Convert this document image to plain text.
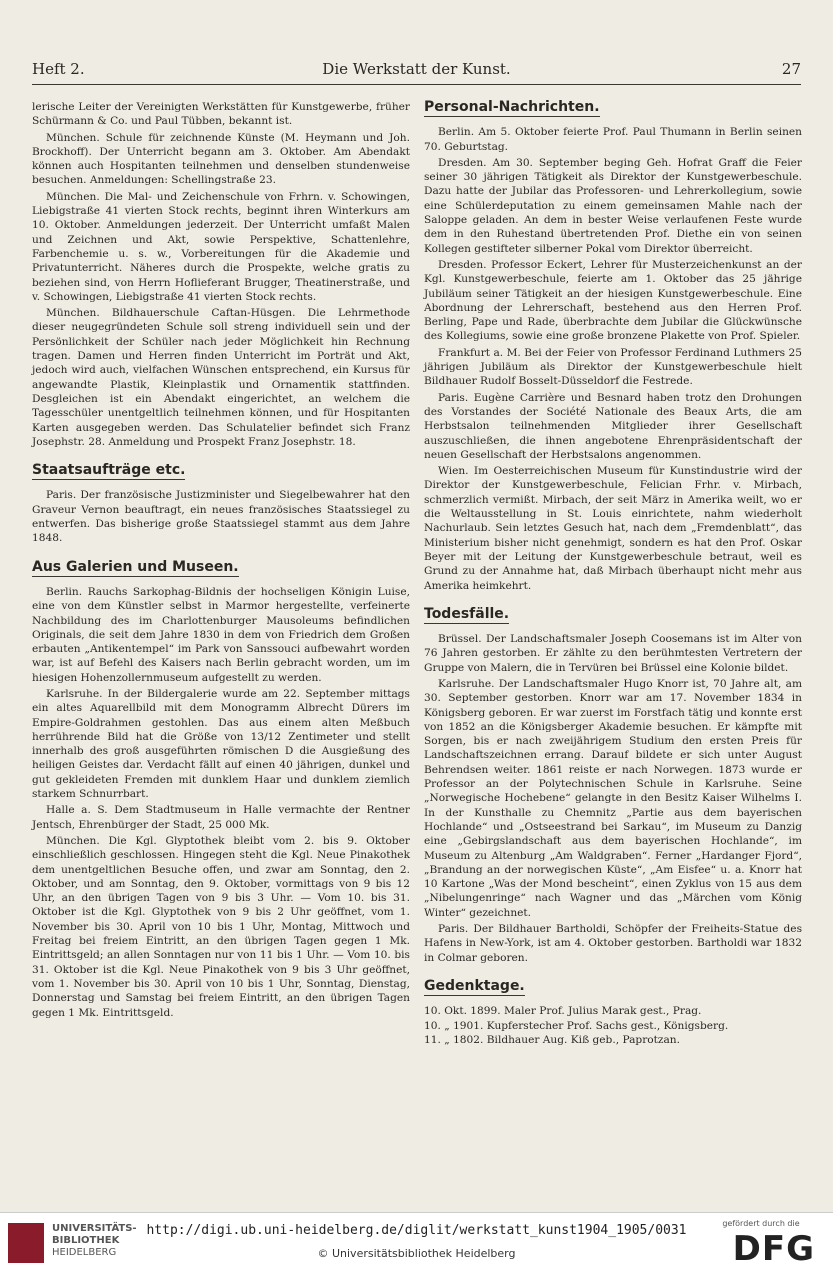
Heft 2.	Die Werkstatt der Kunst.	27

lerische Leiter der Vereinigten Werkstätten für Kunstgewerbe, früher Schürmann & Co. und Paul Tübben, bekannt ist.

München. Schule für zeichnende Künste (M. Heymann und Joh. Brockhoff). Der Unterricht begann am 3. Oktober. Am Abendakt können auch Hospitanten teilnehmen und denselben stundenweise besuchen. Anmeldungen: Schellingstraße 23.

München. Die Mal- und Zeichenschule von Frhrn. v. Schowingen, Liebigstraße 41 vierten Stock rechts, beginnt ihren Winterkurs am 10. Oktober. Anmeldungen jederzeit. Der Unterricht umfaßt Malen und Zeichnen und Akt, sowie Perspektive, Schattenlehre, Farbenchemie u. s. w., Vorbereitungen für die Akademie und Privatunterricht. Näheres durch die Prospekte, welche gratis zu beziehen sind, von Herrn Hoflieferant Brugger, Theatinerstraße, und v. Schowingen, Liebigstraße 41 vierten Stock rechts.

München. Bildhauerschule Caftan-Hüsgen. Die Lehrmethode dieser neugegründeten Schule soll streng individuell sein und der Persönlichkeit der Schüler nach jeder Möglichkeit hin Rechnung tragen. Damen und Herren finden Unterricht im Porträt und Akt, jedoch wird auch, vielfachen Wünschen entsprechend, ein Kursus für angewandte Plastik, Kleinplastik und Ornamentik stattfinden. Desgleichen ist ein Abendakt eingerichtet, an welchem die Tagesschüler unentgeltlich teilnehmen können, und für Hospitanten Karten ausgegeben werden. Das Schulatelier befindet sich Franz Josephstr. 28. Anmeldung und Prospekt Franz Josephstr. 18.

Staatsaufträge etc.

Paris. Der französische Justizminister und Siegelbewahrer hat den Graveur Vernon beauftragt, ein neues französisches Staatssiegel zu entwerfen. Das bisherige große Staatssiegel stammt aus dem Jahre 1848.

Aus Galerien und Museen.

Berlin. Rauchs Sarkophag-Bildnis der hochseligen Königin Luise, eine von dem Künstler selbst in Marmor hergestellte, verfeinerte Nachbildung des im Charlottenburger Mausoleums befindlichen Originals, die seit dem Jahre 1830 in dem von Friedrich dem Großen erbauten „Antikentempel“ im Park von Sanssouci aufbewahrt worden war, ist auf Befehl des Kaisers nach Berlin gebracht worden, um im hiesigen Hohenzollernmuseum aufgestellt zu werden.

Karlsruhe. In der Bildergalerie wurde am 22. September mittags ein altes Aquarellbild mit dem Monogramm Albrecht Dürers im Empire-Goldrahmen gestohlen. Das aus einem alten Meßbuch herrührende Bild hat die Größe von 13/12 Zentimeter und stellt innerhalb des groß ausgeführten römischen D die Ausgießung des heiligen Geistes dar. Verdacht fällt auf einen 40 jährigen, dunkel und gut gekleideten Fremden mit dunklem Haar und dunklem ziemlich starkem Schnurrbart.

Halle a. S. Dem Stadtmuseum in Halle vermachte der Rentner Jentsch, Ehrenbürger der Stadt, 25 000 Mk.

München. Die Kgl. Glyptothek bleibt vom 2. bis 9. Oktober einschließlich geschlossen. Hingegen steht die Kgl. Neue Pinakothek dem unentgeltlichen Besuche offen, und zwar am Sonntag, den 2. Oktober, und am Sonntag, den 9. Oktober, vormittags von 9 bis 12 Uhr, an den übrigen Tagen von 9 bis 3 Uhr. — Vom 10. bis 31. Oktober ist die Kgl. Glyptothek von 9 bis 2 Uhr geöffnet, vom 1. November bis 30. April von 10 bis 1 Uhr, Montag, Mittwoch und Freitag bei freiem Eintritt, an den übrigen Tagen gegen 1 Mk. Eintrittsgeld; an allen Sonntagen nur von 11 bis 1 Uhr. — Vom 10. bis 31. Oktober ist die Kgl. Neue Pinakothek von 9 bis 3 Uhr geöffnet, vom 1. November bis 30. April von 10 bis 1 Uhr, Sonntag, Dienstag, Donnerstag und Samstag bei freiem Eintritt, an den übrigen Tagen gegen 1 Mk. Eintrittsgeld.

Personal-Nachrichten.

Berlin. Am 5. Oktober feierte Prof. Paul Thumann in Berlin seinen 70. Geburtstag.

Dresden. Am 30. September beging Geh. Hofrat Graff die Feier seiner 30 jährigen Tätigkeit als Direktor der Kunstgewerbeschule. Dazu hatte der Jubilar das Professoren- und Lehrerkollegium, sowie eine Schülerdeputation zu einem gemeinsamen Mahle nach der Saloppe geladen. An dem in bester Weise verlaufenen Feste wurde dem in den Ruhestand übertretenden Prof. Diethe ein von seinen Kollegen gestifteter silberner Pokal vom Direktor überreicht.

Dresden. Professor Eckert, Lehrer für Musterzeichenkunst an der Kgl. Kunstgewerbeschule, feierte am 1. Oktober das 25 jährige Jubiläum seiner Tätigkeit an der hiesigen Kunstgewerbeschule. Eine Abordnung der Lehrerschaft, bestehend aus den Herren Prof. Berling, Pape und Rade, überbrachte dem Jubilar die Glückwünsche des Kollegiums, sowie eine große bronzene Plakette von Prof. Spieler.

Frankfurt a. M. Bei der Feier von Professor Ferdinand Luthmers 25 jährigen Jubiläum als Direktor der Kunstgewerbeschule hielt Bildhauer Rudolf Bosselt-Düsseldorf die Festrede.

Paris. Eugène Carrière und Besnard haben trotz den Drohungen des Vorstandes der Société Nationale des Beaux Arts, die am Herbstsalon teilnehmenden Mitglieder ihrer Gesellschaft auszuschließen, die ihnen angebotene Ehrenpräsidentschaft der neuen Gesellschaft der Herbstsalons angenommen.

Wien. Im Oesterreichischen Museum für Kunstindustrie wird der Direktor der Kunstgewerbeschule, Felician Frhr. v. Mirbach, schmerzlich vermißt. Mirbach, der seit März in Amerika weilt, wo er die Weltausstellung in St. Louis einrichtete, nahm wiederholt Nachurlaub. Sein letztes Gesuch hat, nach dem „Fremdenblatt“, das Ministerium bisher nicht genehmigt, sondern es hat den Prof. Oskar Beyer mit der Leitung der Kunstgewerbeschule betraut, weil es Grund zu der Annahme hat, daß Mirbach überhaupt nicht mehr aus Amerika heimkehrt.

Todesfälle.

Brüssel. Der Landschaftsmaler Joseph Coosemans ist im Alter von 76 Jahren gestorben. Er zählte zu den berühmtesten Vertretern der Gruppe von Malern, die in Tervüren bei Brüssel eine Kolonie bildet.

Karlsruhe. Der Landschaftsmaler Hugo Knorr ist, 70 Jahre alt, am 30. September gestorben. Knorr war am 17. November 1834 in Königsberg geboren. Er war zuerst im Forstfach tätig und konnte erst von 1852 an die Königsberger Akademie besuchen. Er kämpfte mit Sorgen, bis er nach zweijährigem Studium den ersten Preis für Landschaftszeichnen errang. Darauf bildete er sich unter August Behrendsen weiter. 1861 reiste er nach Norwegen. 1873 wurde er Professor an der Polytechnischen Schule in Karlsruhe. Seine „Norwegische Hochebene“ gelangte in den Besitz Kaiser Wilhelms I. In der Kunsthalle zu Chemnitz „Partie aus dem bayerischen Hochlande“ und „Ostseestrand bei Sarkau“, im Museum zu Danzig eine „Gebirgslandschaft aus dem bayerischen Hochlande“, im Museum zu Altenburg „Am Waldgraben“. Ferner „Hardanger Fjord“, „Brandung an der norwegischen Küste“, „Am Eisfee“ u. a. Knorr hat 10 Kartone „Was der Mond bescheint“, einen Zyklus von 15 aus dem „Nibelungenringe“ nach Wagner und das „Märchen vom König Winter“ gezeichnet.

Paris. Der Bildhauer Bartholdi, Schöpfer der Freiheits-Statue des Hafens in New-York, ist am 4. Oktober gestorben. Bartholdi war 1832 in Colmar geboren.

Gedenktage.
10. Okt. 1899. Maler Prof. Julius Marak gest., Prag.
10. „ 1901. Kupferstecher Prof. Sachs gest., Königsberg.
11. „ 1802. Bildhauer Aug. Kiß geb., Paprotzan.
UNIVERSITÄTS-
BIBLIOTHEK
HEIDELBERG
http://digi.ub.uni-heidelberg.de/diglit/werkstatt_kunst1904_1905/0031
© Universitätsbibliothek Heidelberg
gefördert durch die
DFG
